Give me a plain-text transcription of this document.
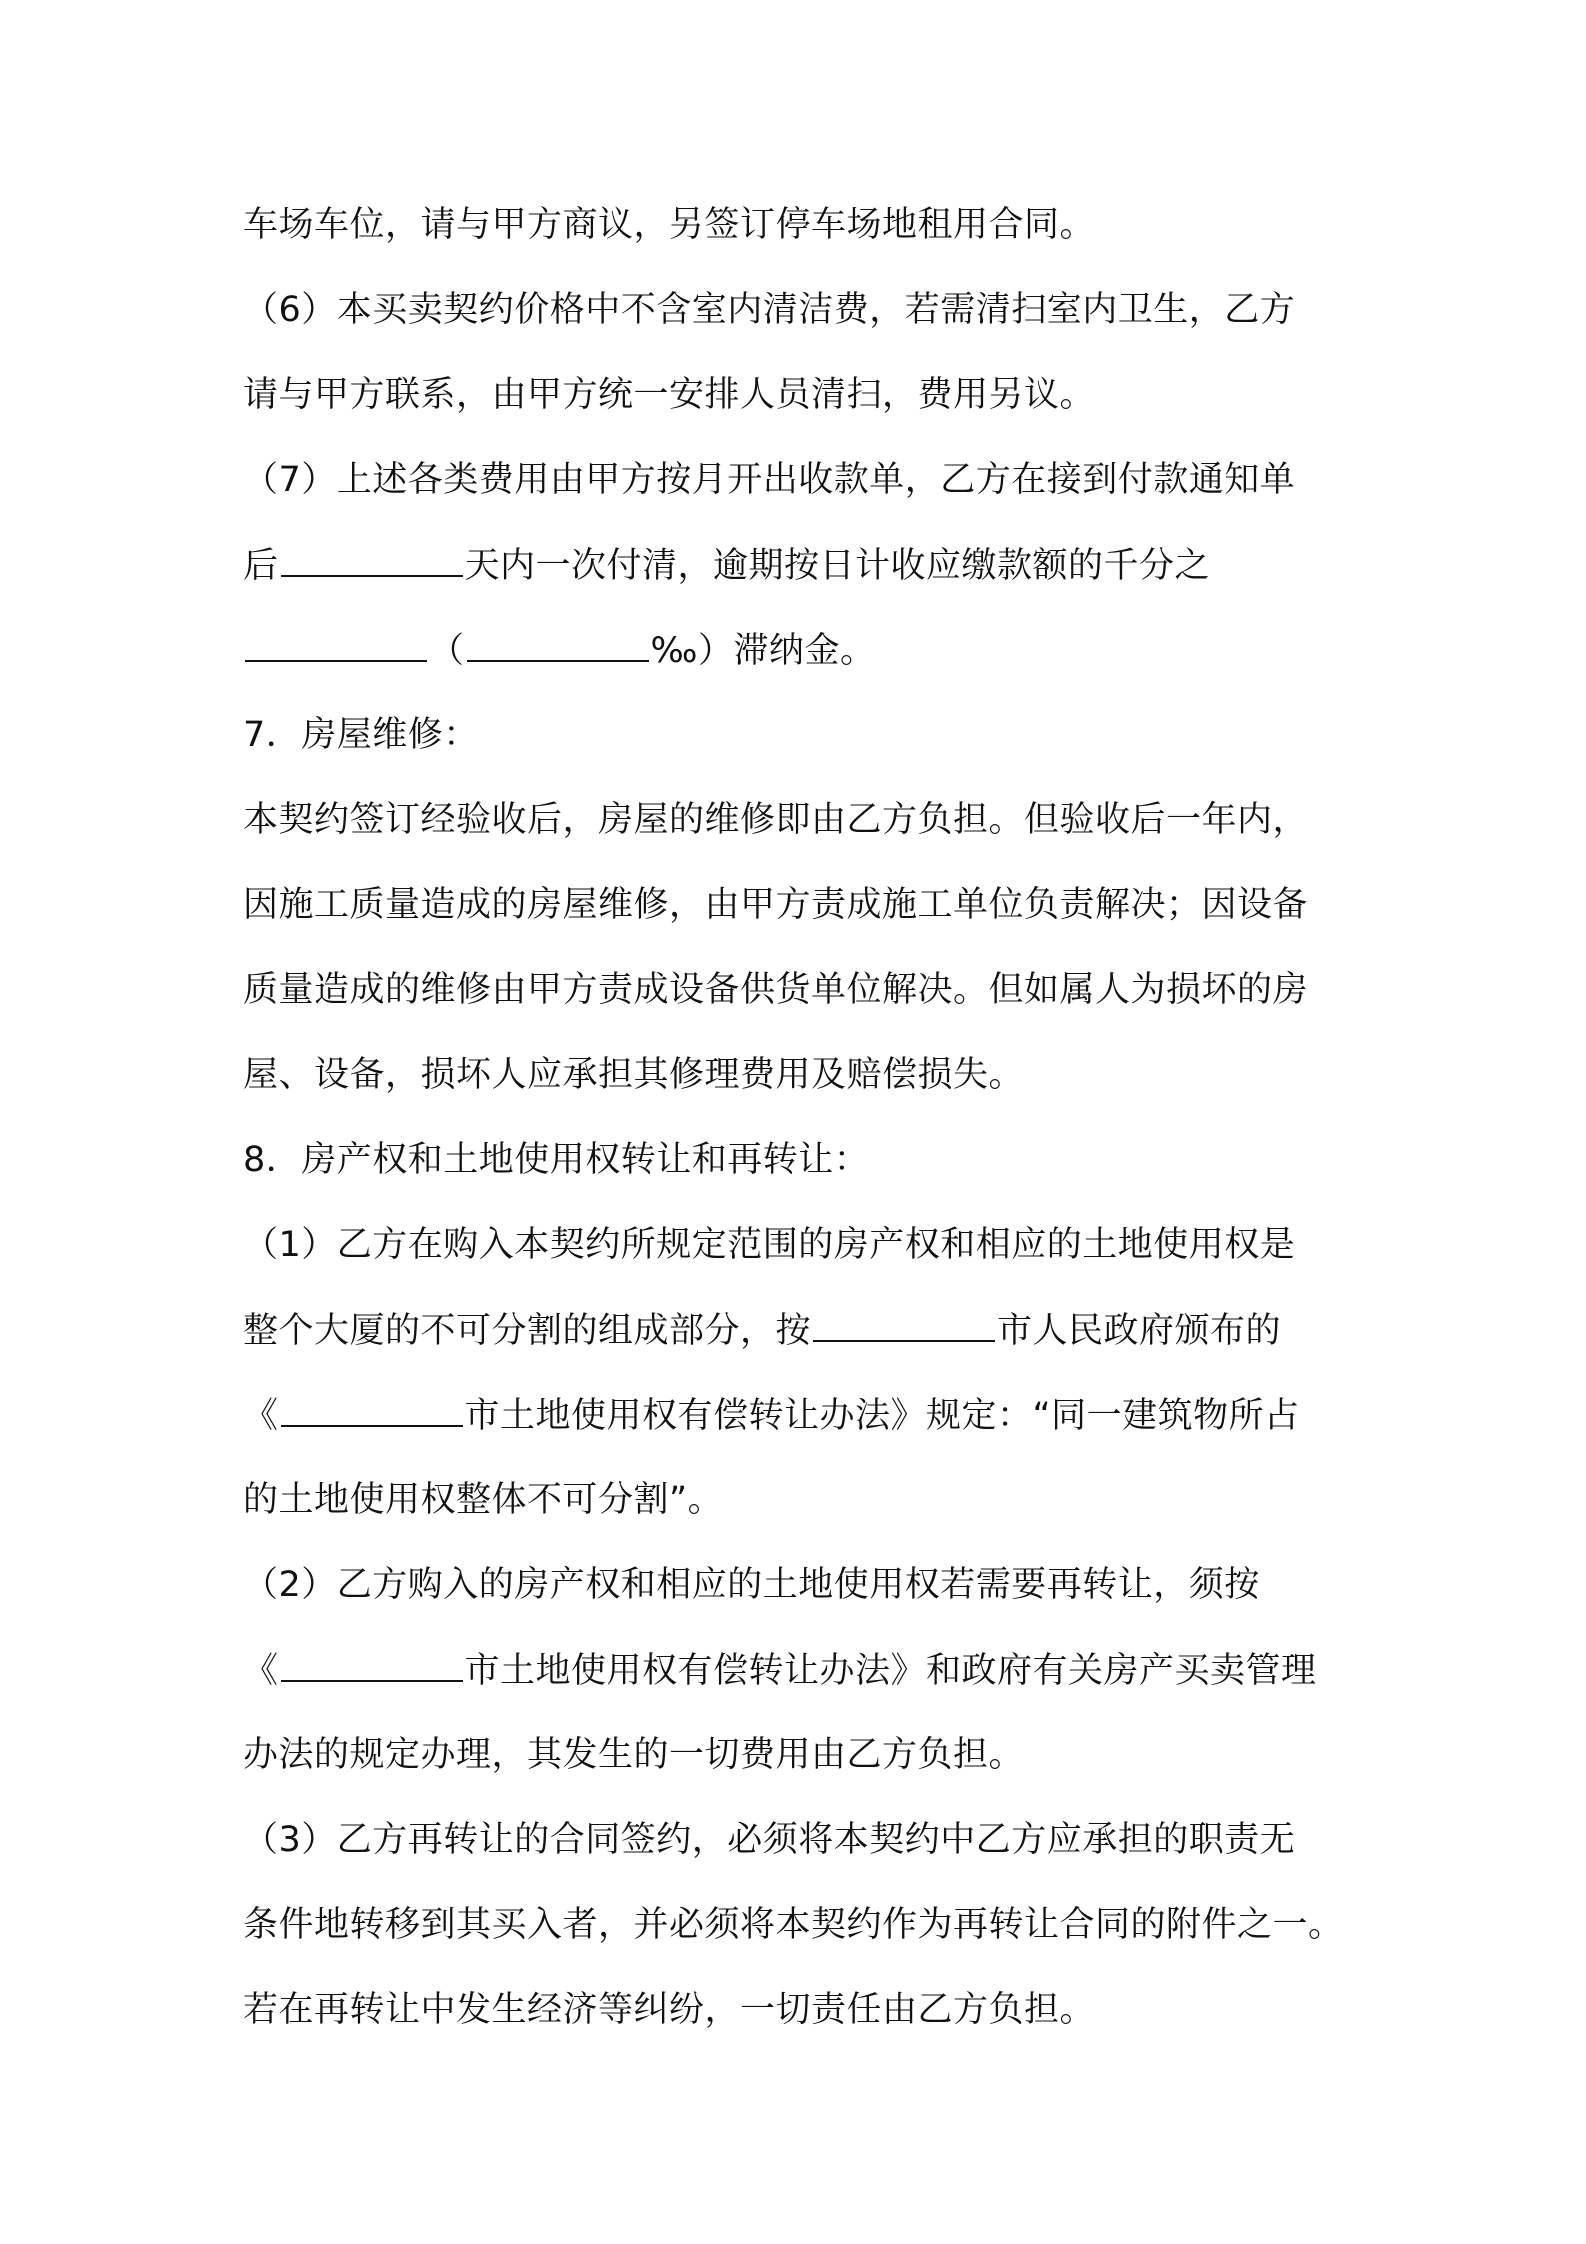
车场车位，请与甲方商议，另签订停车场地租用合同。
（6）本买卖契约价格中不含室内清洁费，若需清扫室内卫生，乙方
请与甲方联系，由甲方统一安排人员清扫，费用另议。
（7）上述各类费用由甲方按月开出收款单，乙方在接到付款通知单
后	天内一次付清，逾期按日计收应缴款额的千分之
（	‰）滞纳金。
7．房屋维修：
本契约签订经验收后，房屋的维修即由乙方负担。但验收后一年内，
因施工质量造成的房屋维修，由甲方责成施工单位负责解决；因设备
质量造成的维修由甲方责成设备供货单位解决。但如属人为损坏的房
屋、设备，损坏人应承担其修理费用及赔偿损失。
8．房产权和土地使用权转让和再转让：
（1）乙方在购入本契约所规定范围的房产权和相应的土地使用权是
整个大厦的不可分割的组成部分，按	市人民政府颁布的
《	市土地使用权有偿转让办法》规定：“同一建筑物所占
的土地使用权整体不可分割”。
（2）乙方购入的房产权和相应的土地使用权若需要再转让，须按
《	市土地使用权有偿转让办法》和政府有关房产买卖管理
办法的规定办理，其发生的一切费用由乙方负担。
（3）乙方再转让的合同签约，必须将本契约中乙方应承担的职责无
条件地转移到其买入者，并必须将本契约作为再转让合同的附件之一。
若在再转让中发生经济等纠纷，一切责任由乙方负担。
